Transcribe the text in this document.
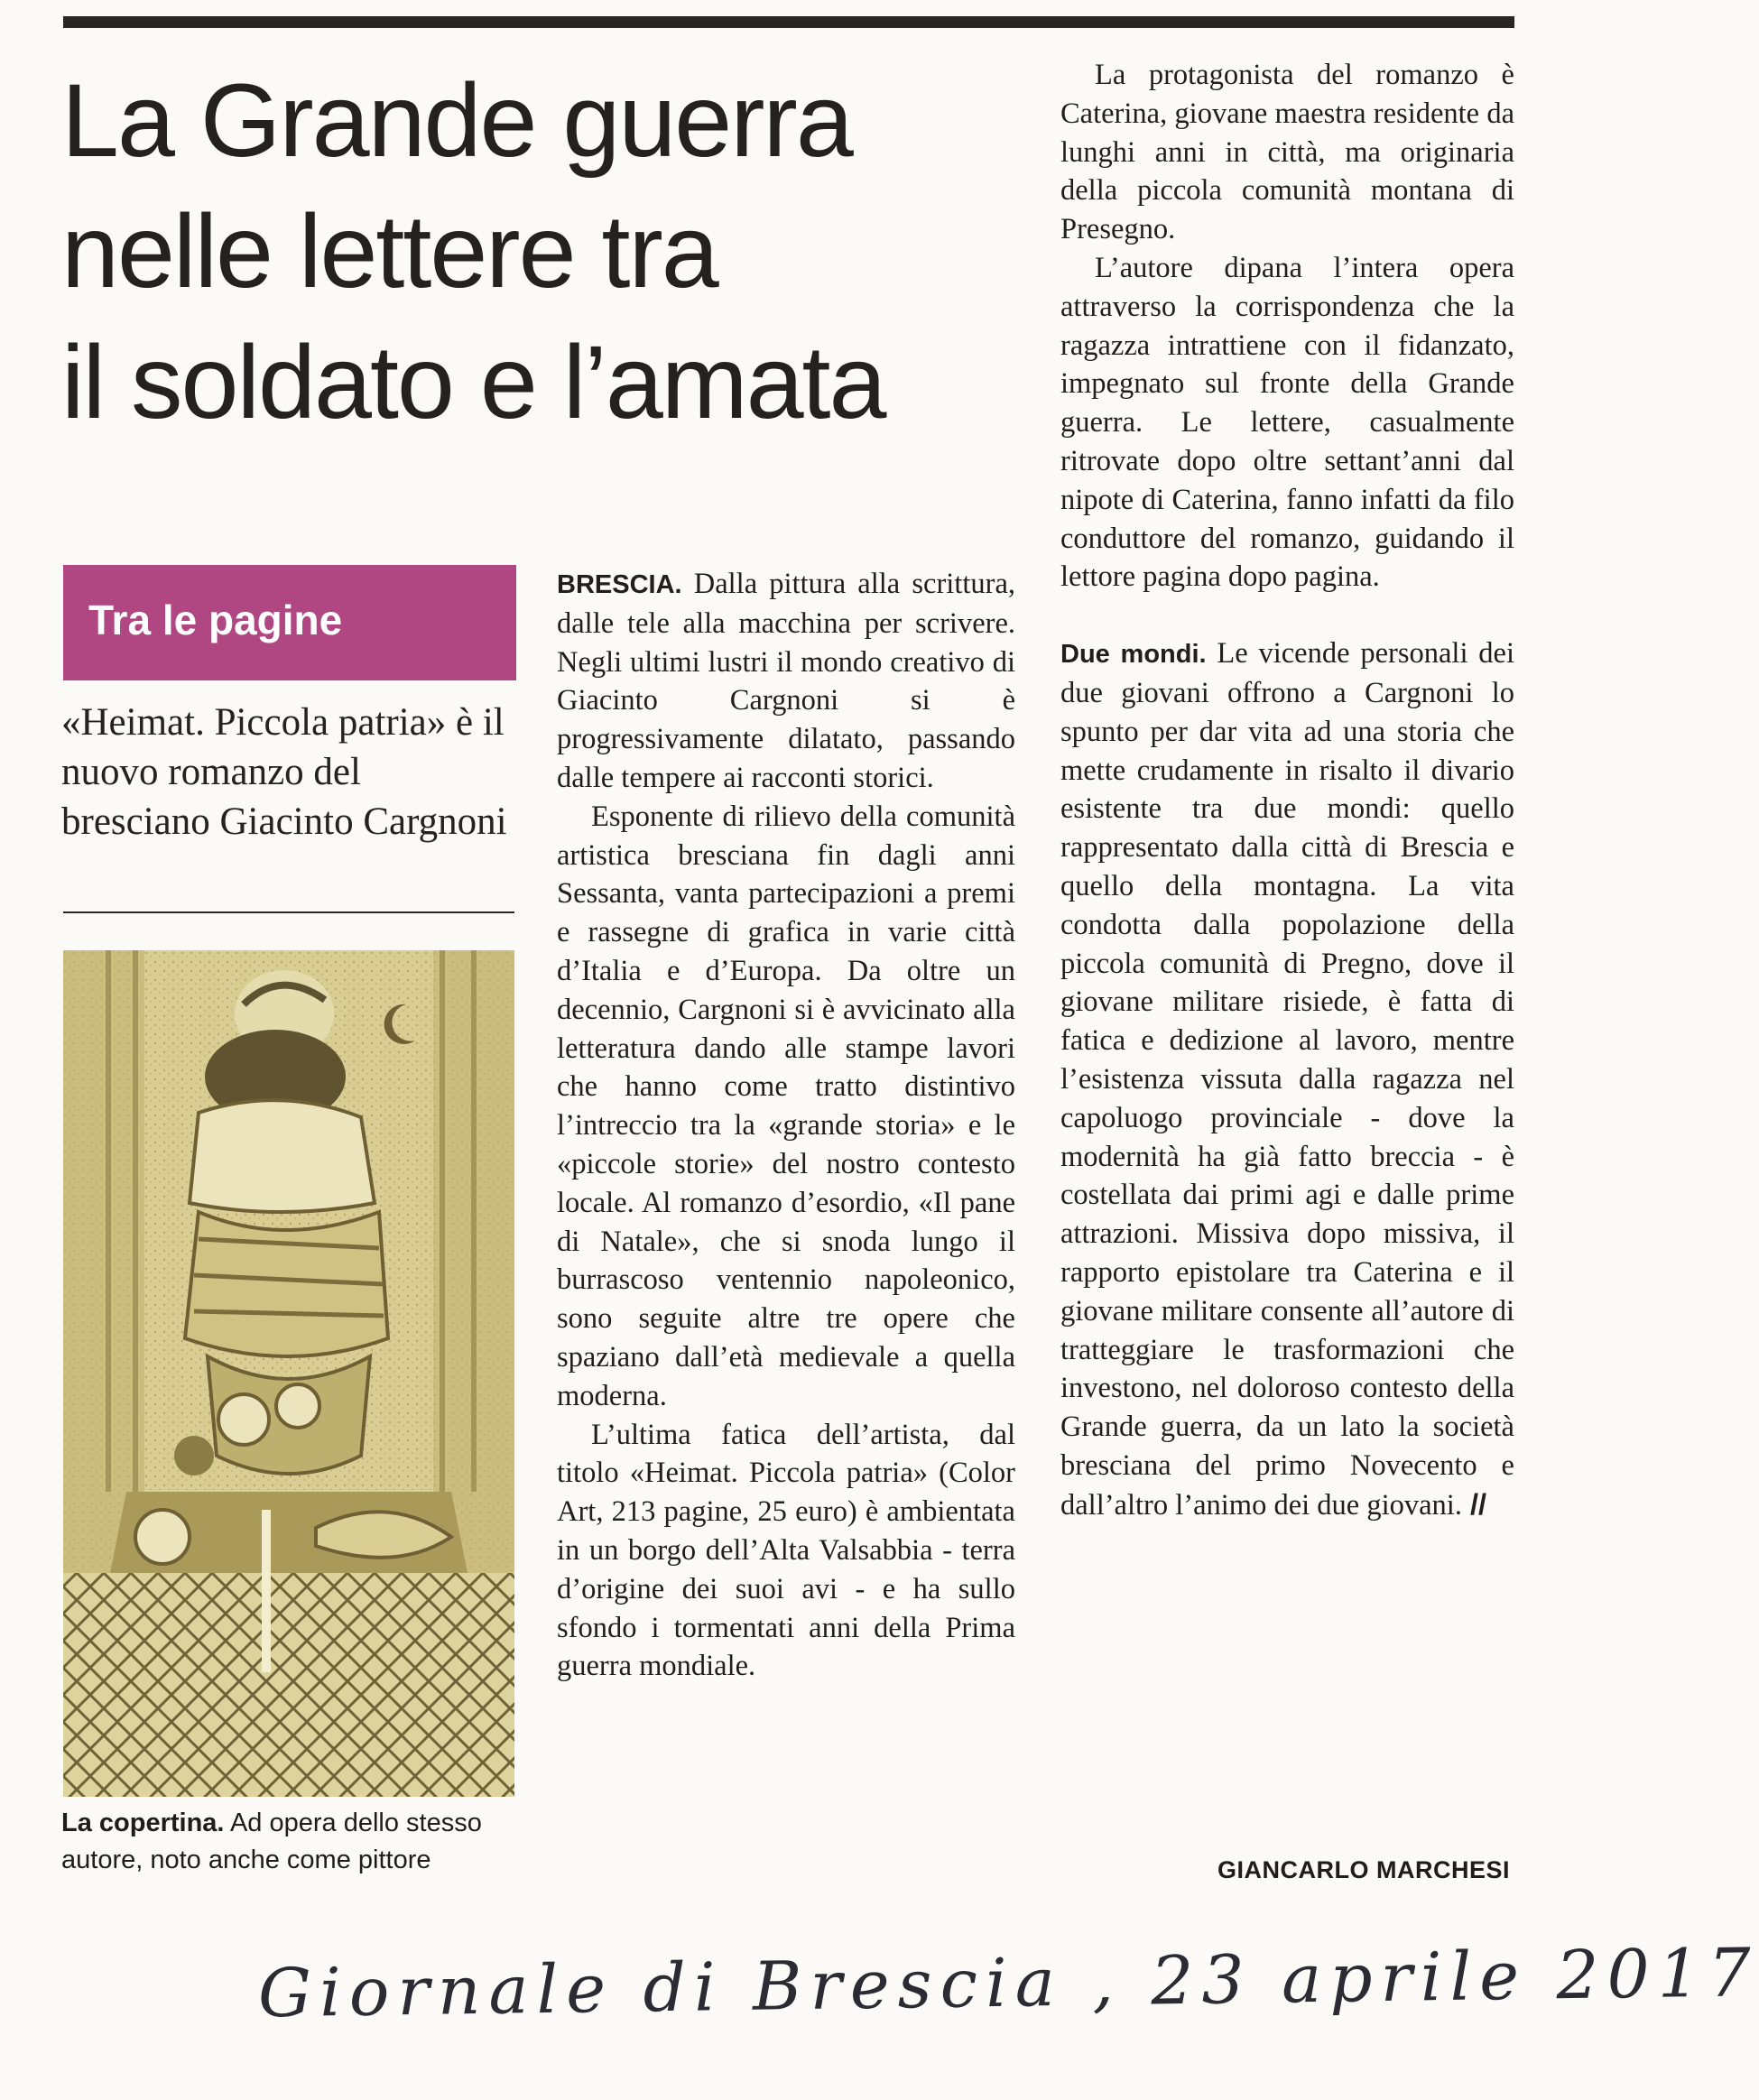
La Grande guerra
nelle lettere tra
il soldato e l’amata
Tra le pagine
«Heimat. Piccola patria» è il nuovo romanzo del bresciano Giacinto Cargnoni
La copertina. Ad opera dello stesso autore, noto anche come pittore

BRESCIA. Dalla pittura alla scrittura, dalle tele alla macchina per scrivere. Negli ultimi lustri il mondo creativo di Giacinto Cargnoni si è progressivamente dilatato, passando dalle tempere ai racconti storici.

Esponente di rilievo della comunità artistica bresciana fin dagli anni Sessanta, vanta partecipazioni a premi e rassegne di grafica in varie città d’Italia e d’Europa. Da oltre un decennio, Cargnoni si è avvicinato alla letteratura dando alle stampe lavori che hanno come tratto distintivo l’intreccio tra la «grande storia» e le «piccole storie» del nostro contesto locale. Al romanzo d’esordio, «Il pane di Natale», che si snoda lungo il burrascoso ventennio napoleonico, sono seguite altre tre opere che spaziano dall’età medievale a quella moderna.

L’ultima fatica dell’artista, dal titolo «Heimat. Piccola patria» (Color Art, 213 pagine, 25 euro) è ambientata in un borgo dell’Alta Valsabbia - terra d’origine dei suoi avi - e ha sullo sfondo i tormentati anni della Prima guerra mondiale.

La protagonista del romanzo è Caterina, giovane maestra residente da lunghi anni in città, ma originaria della piccola comunità montana di Presegno.

L’autore dipana l’intera opera attraverso la corrispondenza che la ragazza intrattiene con il fidanzato, impegnato sul fronte della Grande guerra. Le lettere, casualmente ritrovate dopo oltre settant’anni dal nipote di Caterina, fanno infatti da filo conduttore del romanzo, guidando il lettore pagina dopo pagina.

Due mondi. Le vicende personali dei due giovani offrono a Cargnoni lo spunto per dar vita ad una storia che mette crudamente in risalto il divario esistente tra due mondi: quello rappresentato dalla città di Brescia e quello della montagna. La vita condotta dalla popolazione della piccola comunità di Pregno, dove il giovane militare risiede, è fatta di fatica e dedizione al lavoro, mentre l’esistenza vissuta dalla ragazza nel capoluogo provinciale - dove la modernità ha già fatto breccia - è costellata dai primi agi e dalle prime attrazioni. Missiva dopo missiva, il rapporto epistolare tra Caterina e il giovane militare consente all’autore di tratteggiare le trasformazioni che investono, nel doloroso contesto della Grande guerra, da un lato la società bresciana del primo Novecento e dall’altro l’animo dei due giovani. //

GIANCARLO MARCHESI
Giornale di Brescia , 23 aprile 2017
